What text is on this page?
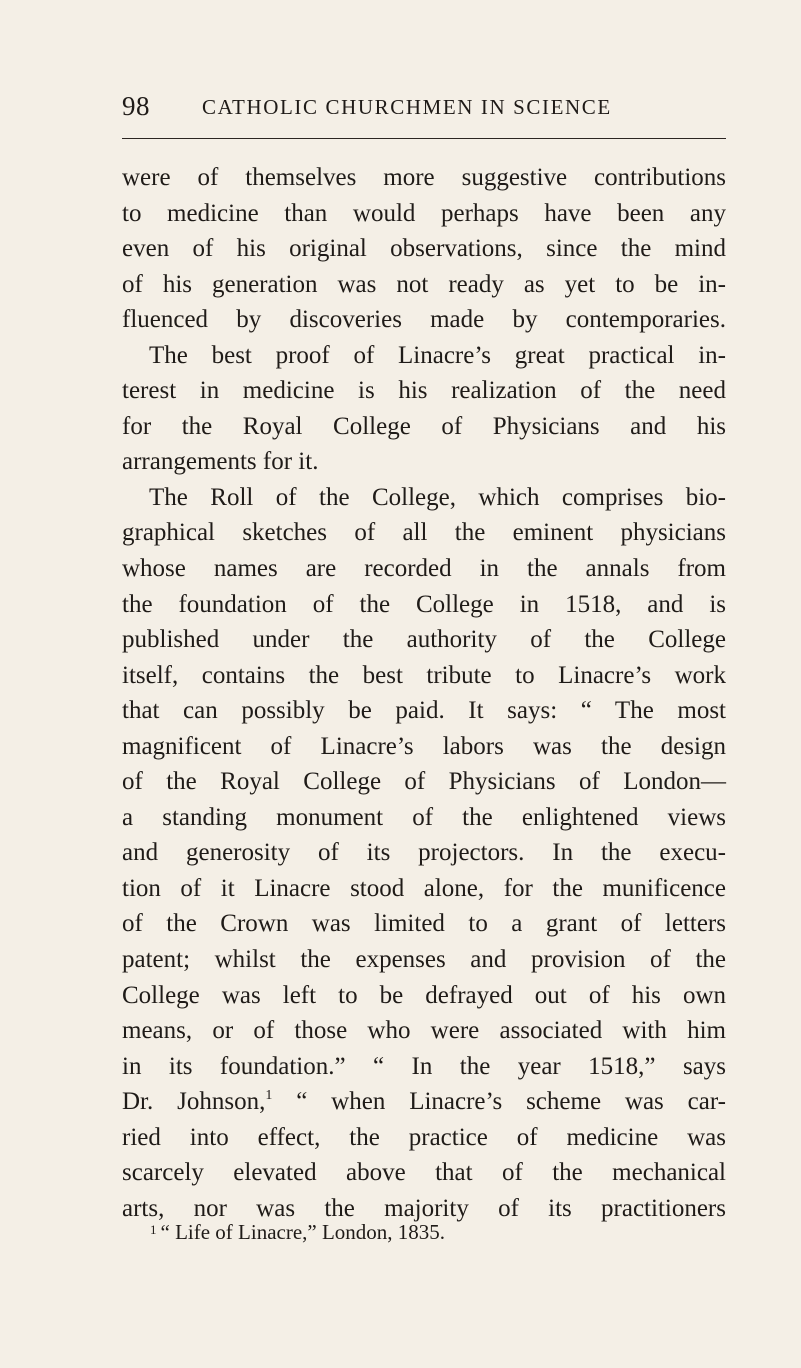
98 CATHOLIC CHURCHMEN IN SCIENCE
were of themselves more suggestive contributions
to medicine than would perhaps have been any
even of his original observations, since the mind
of his generation was not ready as yet to be in-
fluenced by discoveries made by contemporaries.
The best proof of Linacre’s great practical in-
terest in medicine is his realization of the need
for the Royal College of Physicians and his
arrangements for it.
The Roll of the College, which comprises bio-
graphical sketches of all the eminent physicians
whose names are recorded in the annals from
the foundation of the College in 1518, and is
published under the authority of the College
itself, contains the best tribute to Linacre’s work
that can possibly be paid. It says: “ The most
magnificent of Linacre’s labors was the design
of the Royal College of Physicians of London—
a standing monument of the enlightened views
and generosity of its projectors. In the execu-
tion of it Linacre stood alone, for the munificence
of the Crown was limited to a grant of letters
patent; whilst the expenses and provision of the
College was left to be defrayed out of his own
means, or of those who were associated with him
in its foundation.” “ In the year 1518,” says
Dr. Johnson,$^1$ “ when Linacre’s scheme was car-
ried into effect, the practice of medicine was
scarcely elevated above that of the mechanical
arts, nor was the majority of its practitioners
$^1$ “ Life of Linacre,” London, 1835.
